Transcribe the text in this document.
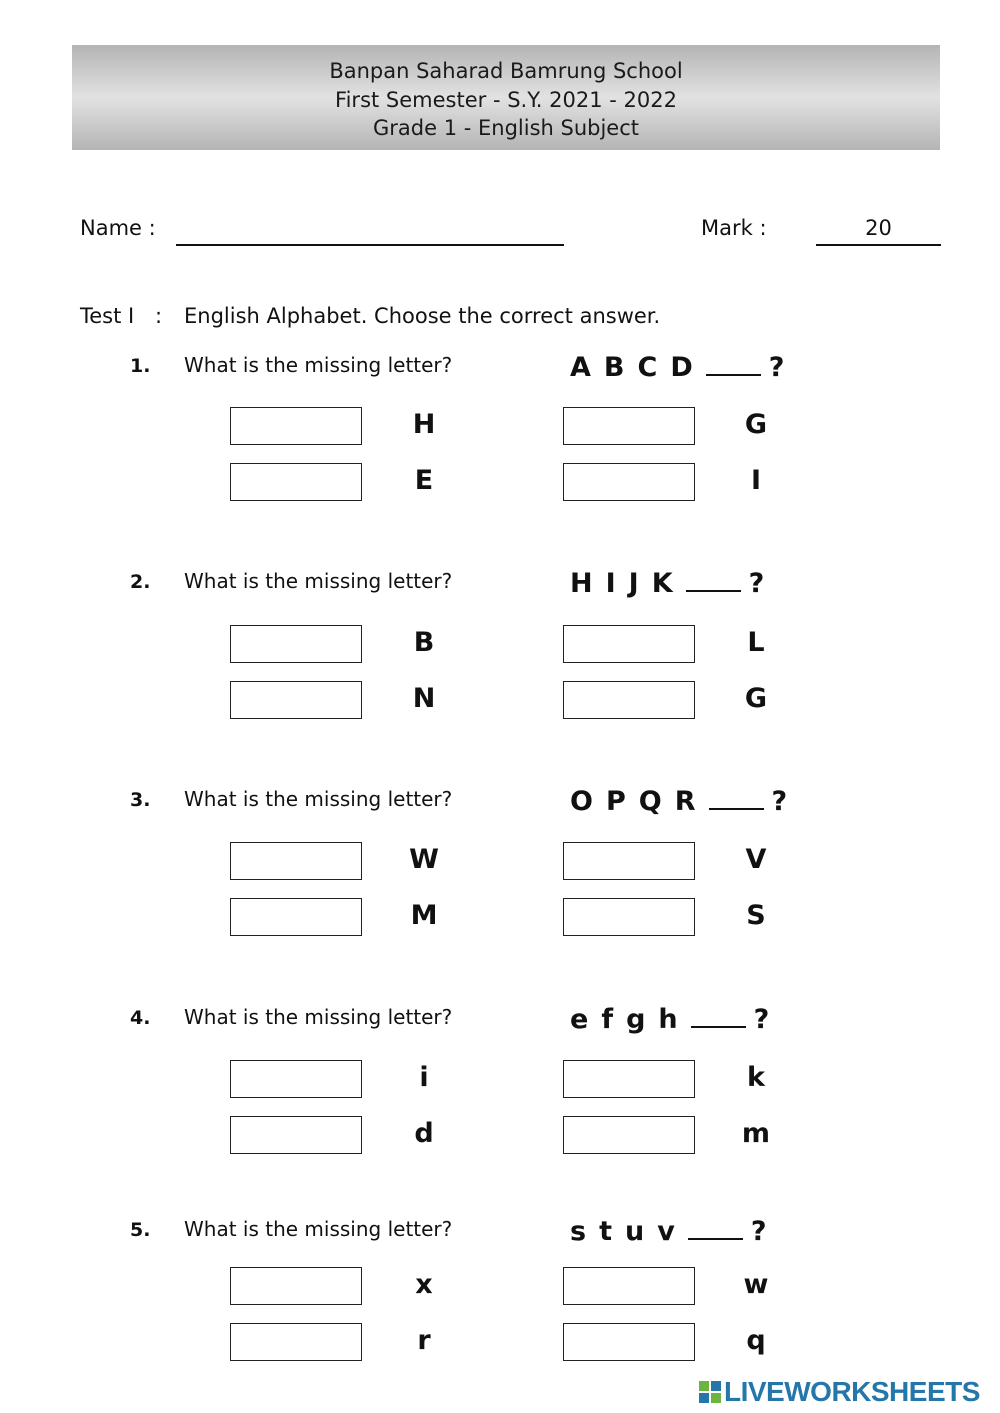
Banpan Saharad Bamrung School
First Semester - S.Y. 2021 - 2022
Grade 1 - English Subject
Name :	Mark :	20
Test I : English Alphabet. Choose the correct answer.
1. What is the missing letter?	A B C D	?
H	G
E	I
2. What is the missing letter?	H I J K	?
B	L
N	G
3. What is the missing letter?	O P Q R	?
W	V
M	S
4. What is the missing letter?	e f g h	?
i	k
d	m
5. What is the missing letter?	s t u v	?
x	w
r	q
LIVEWORKSHEETS
